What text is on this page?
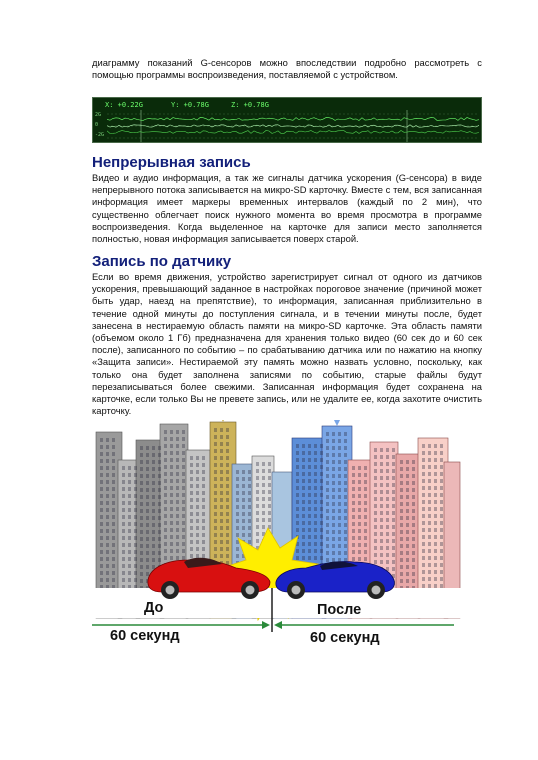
диаграмму показаний G-сенсоров можно впоследствии подробно рассмотреть с помощью программы воспроизведения, поставляемой с устройством.

X: +0.22G	Y: +0.78G	Z: +0.78G
2G
0
-2G
Непрерывная запись

Видео и аудио информация, а так же сигналы датчика ускорения (G-сенсора) в виде непрерывного потока записывается на микро-SD карточку. Вместе с тем, вся записанная информация имеет маркеры временных интервалов (каждый по 2 мин), что существенно облегчает поиск нужного момента во время просмотра в программе воспроизведения. Когда выделенное на карточке для записи место заполняется полностью, новая информация записывается поверх старой.

Запись по датчику

Если во время движения, устройство зарегистрирует сигнал от одного из датчиков ускорения, превышающий заданное в настройках пороговое значение (причиной может быть удар, наезд на препятствие), то информация, записанная приблизительно в течение одной минуты до поступления сигнала, и в течении минуты после, будет занесена в нестираемую область памяти на микро-SD карточке. Эта область памяти (объемом около 1 Гб) предназначена для хранения только видео (60 сек до и 60 сек после), записанного по событию – по срабатыванию датчика или по нажатию на кнопку «Защита записи». Нестираемой эту память можно назвать условно, поскольку, как только она будет заполнена записями по событию, старые файлы будут перезаписываться более свежими. Записанная информация будет сохранена на карточке, если только Вы не превете запись, или не удалите ее, когда захотите очистить карточку.

До	После
60 секунд	60 секунд
